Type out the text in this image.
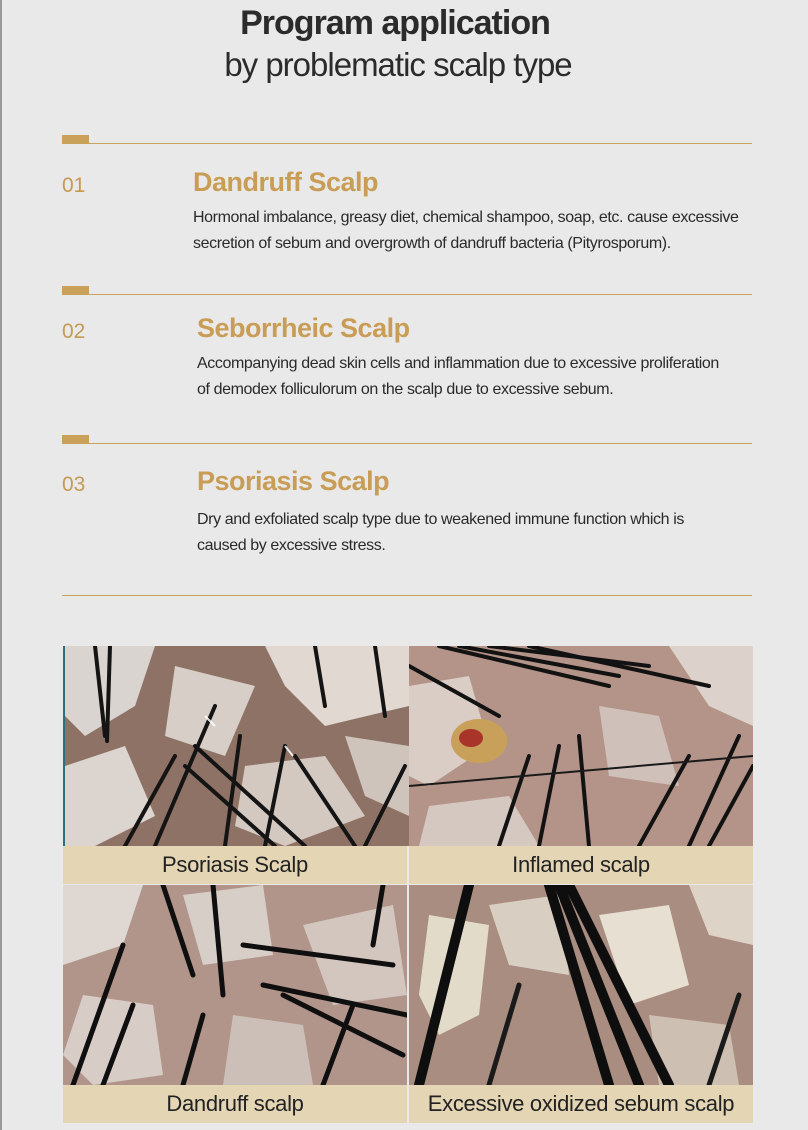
Program application
by problematic scalp type
01	Dandruff Scalp
Hormonal imbalance, greasy diet, chemical shampoo, soap, etc. cause excessive
secretion of sebum and overgrowth of dandruff bacteria (Pityrosporum).
02	Seborrheic Scalp
Accompanying dead skin cells and inflammation due to excessive proliferation
of demodex folliculorum on the scalp due to excessive sebum.
03	Psoriasis Scalp
Dry and exfoliated scalp type due to weakened immune function which is
caused by excessive stress.
Psoriasis Scalp	Inflamed scalp
Dandruff scalp	Excessive oxidized sebum scalp
